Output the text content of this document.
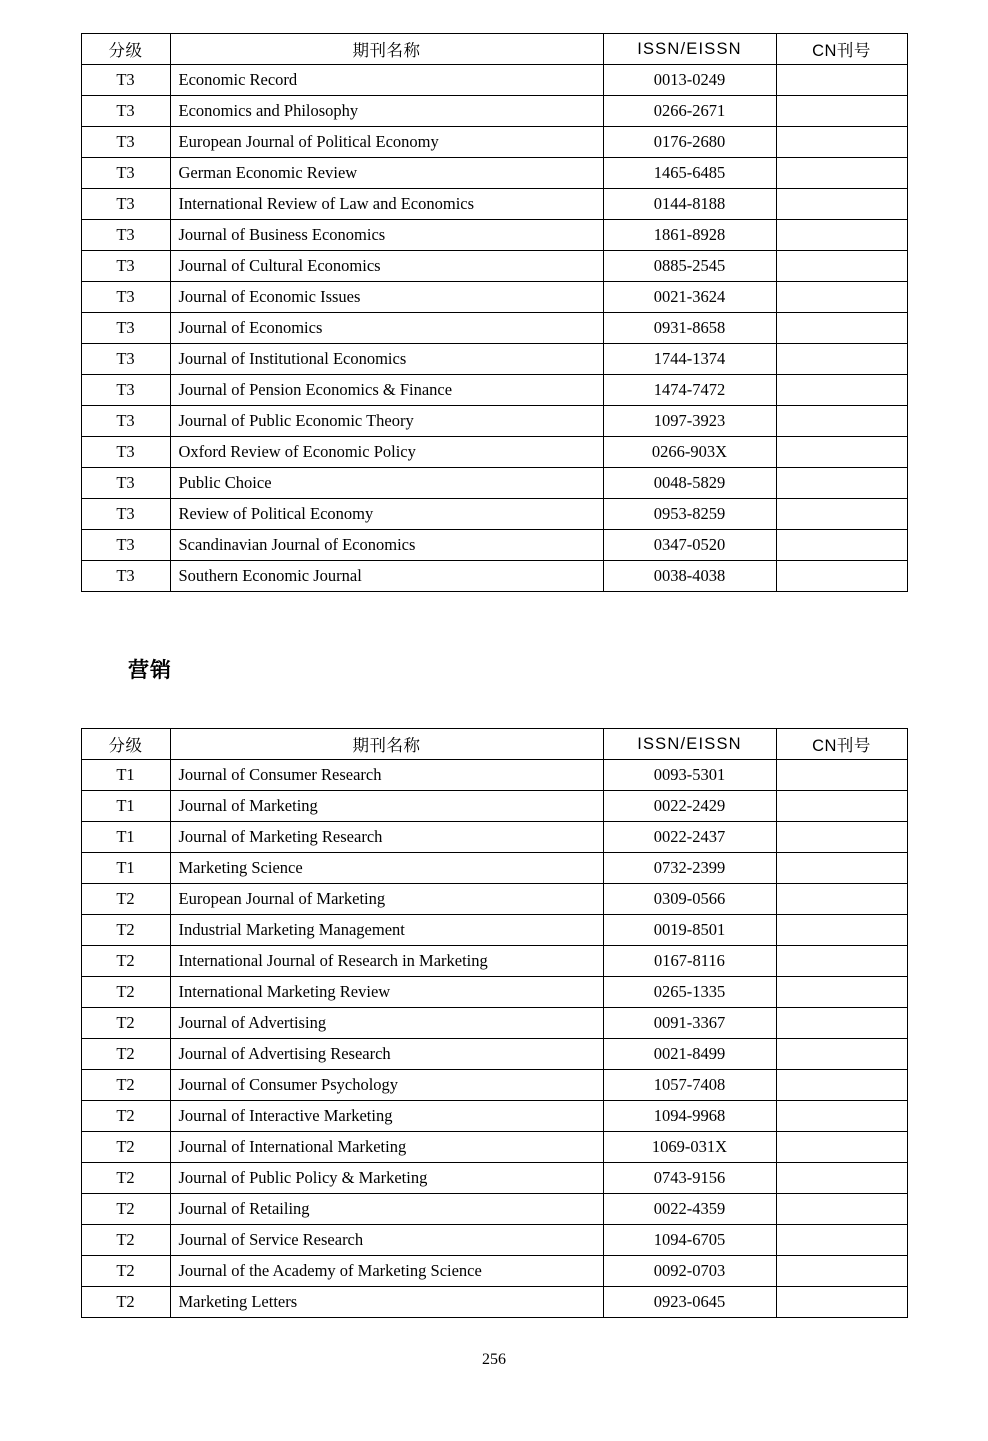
分级	期刊名称	ISSN/EISSN	CN刊号
T3	Economic Record	0013-0249	
T3	Economics and Philosophy	0266-2671	
T3	European Journal of Political Economy	0176-2680	
T3	German Economic Review	1465-6485	
T3	International Review of Law and Economics	0144-8188	
T3	Journal of Business Economics	1861-8928	
T3	Journal of Cultural Economics	0885-2545	
T3	Journal of Economic Issues	0021-3624	
T3	Journal of Economics	0931-8658	
T3	Journal of Institutional Economics	1744-1374	
T3	Journal of Pension Economics & Finance	1474-7472	
T3	Journal of Public Economic Theory	1097-3923	
T3	Oxford Review of Economic Policy	0266-903X	
T3	Public Choice	0048-5829	
T3	Review of Political Economy	0953-8259	
T3	Scandinavian Journal of Economics	0347-0520	
T3	Southern Economic Journal	0038-4038	
营销
分级	期刊名称	ISSN/EISSN	CN刊号
T1	Journal of Consumer Research	0093-5301	
T1	Journal of Marketing	0022-2429	
T1	Journal of Marketing Research	0022-2437	
T1	Marketing Science	0732-2399	
T2	European Journal of Marketing	0309-0566	
T2	Industrial Marketing Management	0019-8501	
T2	International Journal of Research in Marketing	0167-8116	
T2	International Marketing Review	0265-1335	
T2	Journal of Advertising	0091-3367	
T2	Journal of Advertising Research	0021-8499	
T2	Journal of Consumer Psychology	1057-7408	
T2	Journal of Interactive Marketing	1094-9968	
T2	Journal of International Marketing	1069-031X	
T2	Journal of Public Policy & Marketing	0743-9156	
T2	Journal of Retailing	0022-4359	
T2	Journal of Service Research	1094-6705	
T2	Journal of the Academy of Marketing Science	0092-0703	
T2	Marketing Letters	0923-0645	
256
